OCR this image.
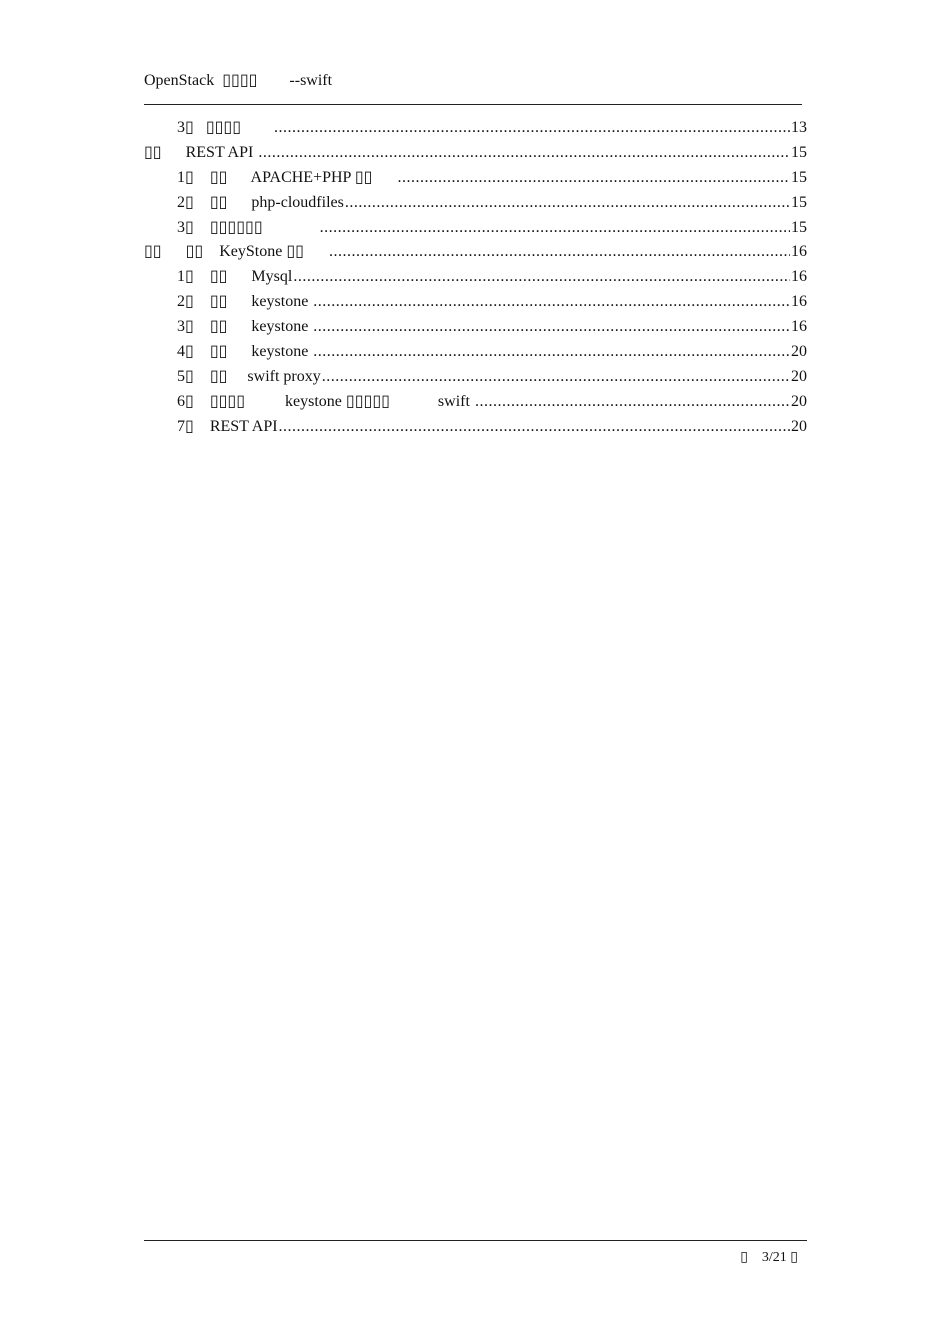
OpenStack  ▯▯▯▯        --swift
3▯ ▯▯▯▯ .....	13
▯▯ REST API .....	15
1▯ ▯▯      APACHE+PHP ▯▯ .....	15
2▯ ▯▯      php-cloudfiles .....	15
3▯ ▯▯▯▯▯▯ .....	15
▯▯ ▯▯    KeyStone ▯▯ .....	16
1▯ ▯▯      Mysql .....	16
2▯ ▯▯      keystone .....	16
3▯ ▯▯      keystone .....	16
4▯ ▯▯      keystone .....	20
5▯ ▯▯     swift proxy .....	20
6▯ ▯▯▯▯          keystone ▯▯▯▯▯            swift .....	20
7▯ REST API .....	20
▯    3/21 ▯
